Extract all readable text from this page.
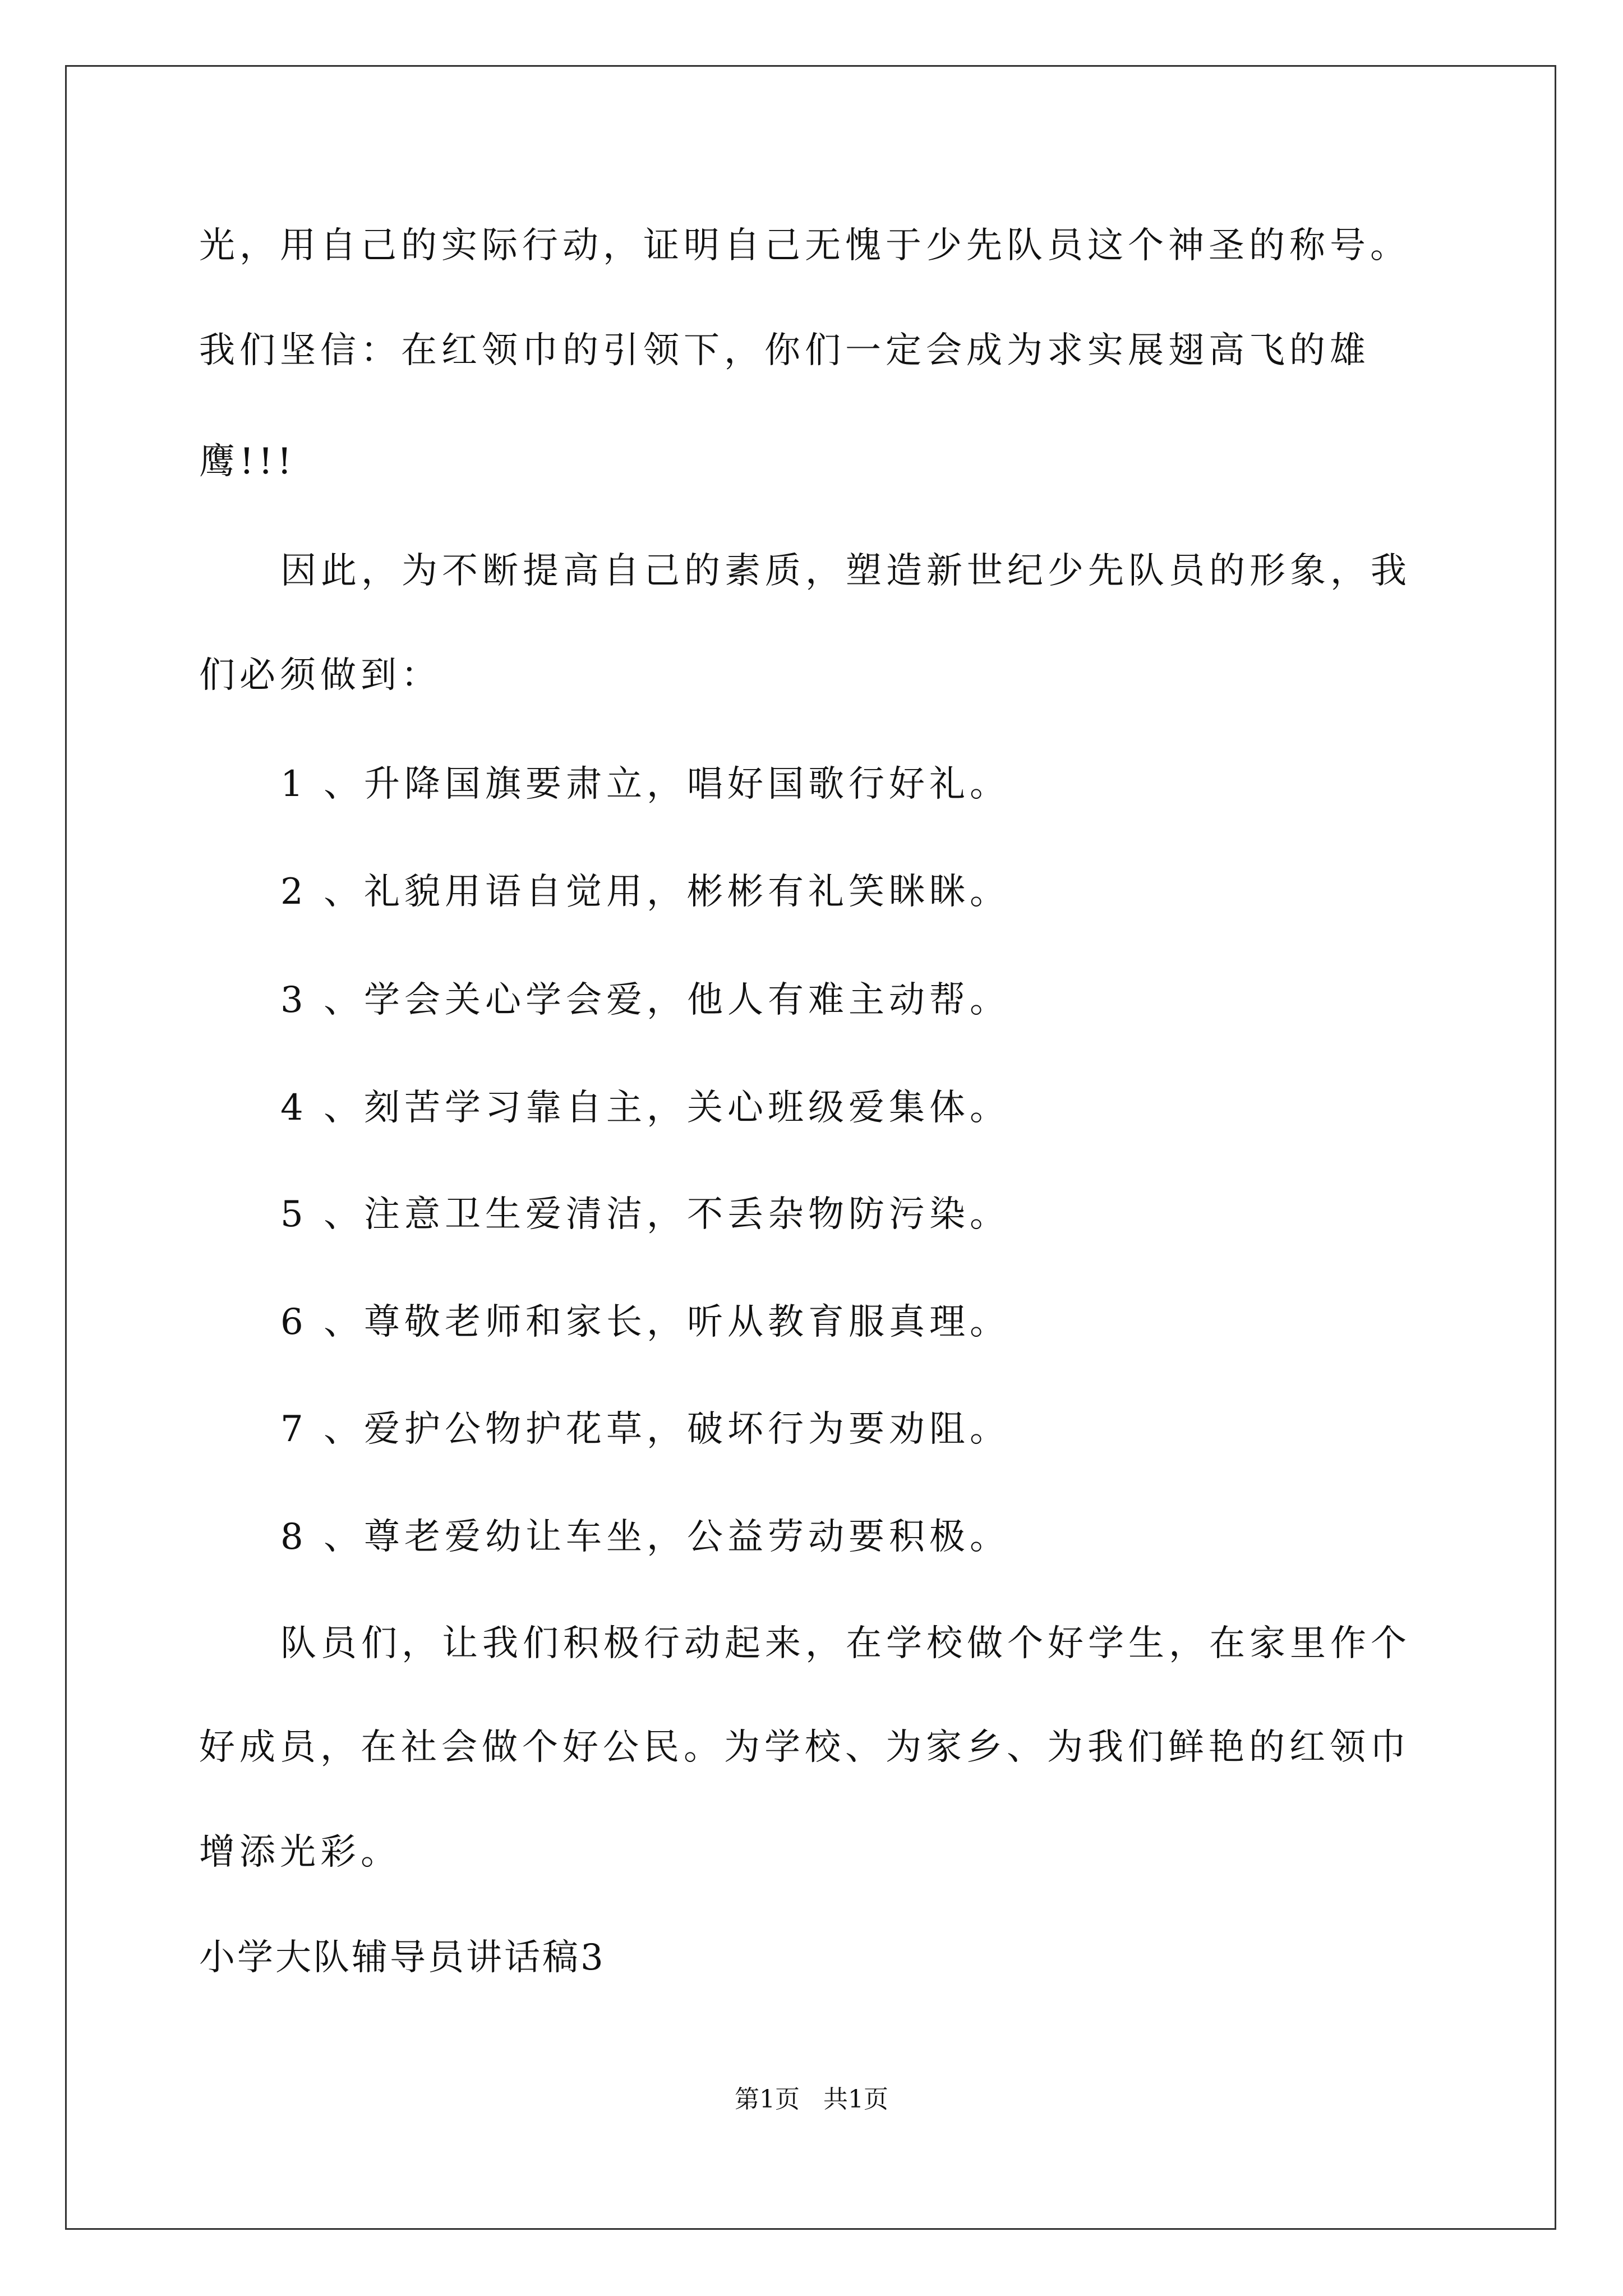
光，用自己的实际行动，证明自己无愧于少先队员这个神圣的称号。
我们坚信：在红领巾的引领下，你们一定会成为求实展翅高飞的雄
鹰!!!
因此，为不断提高自己的素质，塑造新世纪少先队员的形象，我
们必须做到：
1 、升降国旗要肃立，唱好国歌行好礼。
2 、礼貌用语自觉用，彬彬有礼笑眯眯。
3 、学会关心学会爱，他人有难主动帮。
4 、刻苦学习靠自主，关心班级爱集体。
5 、注意卫生爱清洁，不丢杂物防污染。
6 、尊敬老师和家长，听从教育服真理。
7 、爱护公物护花草，破坏行为要劝阻。
8 、尊老爱幼让车坐，公益劳动要积极。
队员们，让我们积极行动起来，在学校做个好学生，在家里作个
好成员，在社会做个好公民。为学校、为家乡、为我们鲜艳的红领巾
增添光彩。
小学大队辅导员讲话稿3
第1页 共1页
